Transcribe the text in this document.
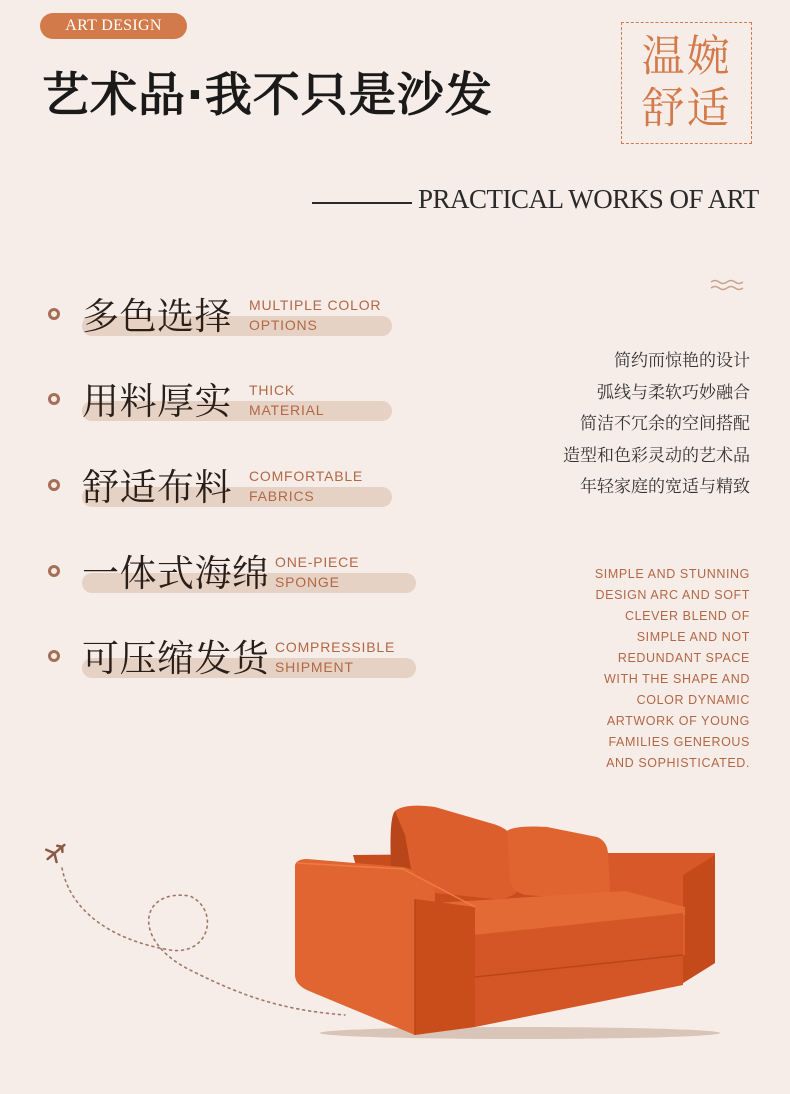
ART DESIGN
艺术品·我不只是沙发
温婉
舒适
PRACTICAL WORKS OF ART
多色选择 MULTIPLE COLOR
OPTIONS
用料厚实 THICK
MATERIAL
舒适布料 COMFORTABLE
FABRICS
一体式海绵 ONE-PIECE
SPONGE
可压缩发货 COMPRESSIBLE
SHIPMENT
简约而惊艳的设计
弧线与柔软巧妙融合
简洁不冗余的空间搭配
造型和色彩灵动的艺术品
年轻家庭的宽适与精致
SIMPLE AND STUNNING
DESIGN ARC AND SOFT
CLEVER BLEND OF
SIMPLE AND NOT
REDUNDANT SPACE
WITH THE SHAPE AND
COLOR DYNAMIC
ARTWORK OF YOUNG
FAMILIES GENEROUS
AND SOPHISTICATED.
